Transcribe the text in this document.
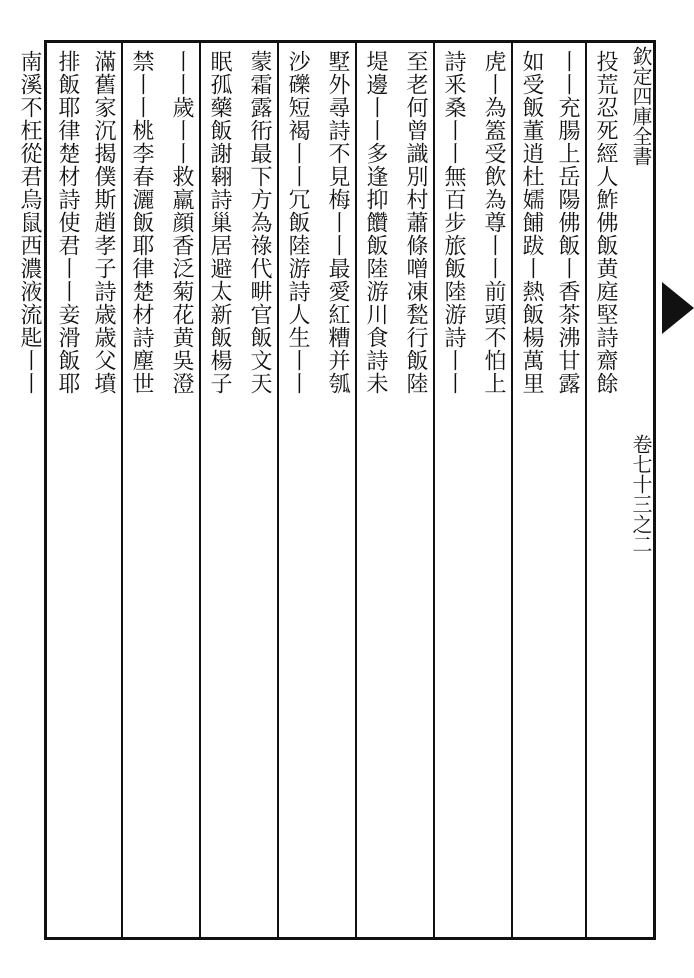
投荒忍死經人鮓佛飯黄庭堅詩齋餘
丨丨充腸上岳陽佛飯丨香茶沸甘露
如受飯董逍杜嬬餔跋丨熱飯楊萬里
虎丨為篕受飲為尊丨丨前頭不怕上
詩釆桑丨丨無百步旅飯陸游詩丨丨
至老何曾識別村蕭條噌凍甃行飯陸
堤邊丨丨多逢抑饡飯陸游川食詩未
墅外尋詩不見梅丨丨最愛紅糟并瓠
沙礫短褐丨丨冗飯陸游詩人生丨丨
蒙霜露衎最下方為祿代畊官飯文天
眠孤藥飯謝翱詩巢居避太新飯楊子
丨丨歲丨丨救羸顔香泛菊花黄吳澄
禁丨丨桃李春灑飯耶律楚材詩塵世
滿舊家沉揭僕斯趙孝子詩歳歳父墳
排飯耶律楚材詩使君丨丨妾滑飯耶
南溪不枉從君烏鼠西濃液流匙丨丨	欽定四庫全書
卷七十三之二
